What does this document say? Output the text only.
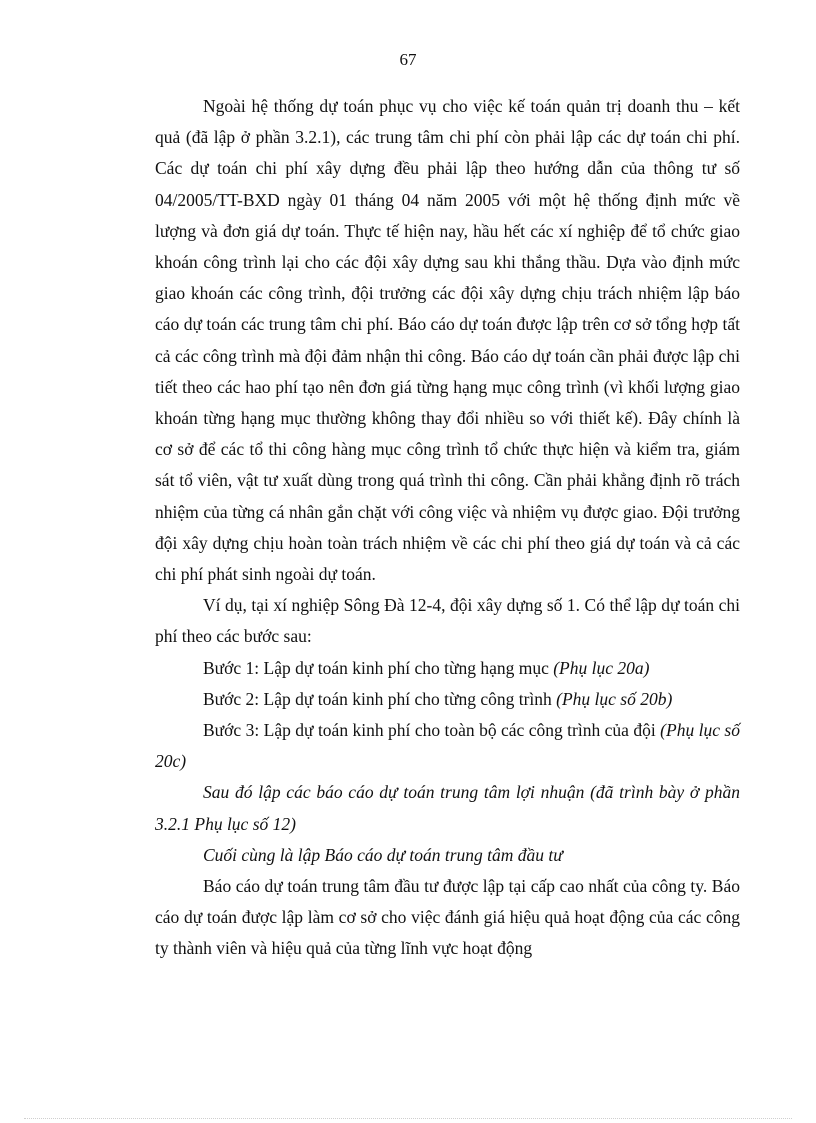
67

Ngoài hệ thống dự toán phục vụ cho việc kế toán quản trị doanh thu – kết quả (đã lập ở phần 3.2.1), các trung tâm chi phí còn phải lập các dự toán chi phí. Các dự toán chi phí xây dựng đều phải lập theo hướng dẫn của thông tư số 04/2005/TT-BXD ngày 01 tháng 04 năm 2005 với một hệ thống định mức về lượng và đơn giá dự toán. Thực tế hiện nay, hầu hết các xí nghiệp để tổ chức giao khoán công trình lại cho các đội xây dựng sau khi thắng thầu. Dựa vào định mức giao khoán các công trình, đội trưởng các đội xây dựng chịu trách nhiệm lập báo cáo dự toán các trung tâm chi phí. Báo cáo dự toán được lập trên cơ sở tổng hợp tất cả các công trình mà đội đảm nhận thi công. Báo cáo dự toán cần phải được lập chi tiết theo các hao phí tạo nên đơn giá từng hạng mục công trình (vì khối lượng giao khoán từng hạng mục thường không thay đổi nhiều so với thiết kế). Đây chính là cơ sở để các tổ thi công hàng mục công trình tổ chức thực hiện và kiểm tra, giám sát tổ viên, vật tư xuất dùng trong quá trình thi công. Cần phải khẳng định rõ trách nhiệm của từng cá nhân gắn chặt với công việc và nhiệm vụ được giao. Đội trưởng đội xây dựng chịu hoàn toàn trách nhiệm về các chi phí theo giá dự toán và cả các chi phí phát sinh ngoài dự toán.

Ví dụ, tại xí nghiệp Sông Đà 12-4, đội xây dựng số 1. Có thể lập dự toán chi phí theo các bước sau:

Bước 1: Lập dự toán kinh phí cho từng hạng mục (Phụ lục 20a)

Bước 2: Lập dự toán kinh phí cho từng công trình (Phụ lục số 20b)

Bước 3: Lập dự toán kinh phí cho toàn bộ các công trình của đội (Phụ lục số 20c)

Sau đó lập các báo cáo dự toán trung tâm lợi nhuận (đã trình bày ở phần 3.2.1 Phụ lục số 12)

Cuối cùng là lập Báo cáo dự toán trung tâm đầu tư

Báo cáo dự toán trung tâm đầu tư được lập tại cấp cao nhất của công ty. Báo cáo dự toán được lập làm cơ sở cho việc đánh giá hiệu quả hoạt động của các công ty thành viên và hiệu quả của từng lĩnh vực hoạt động
